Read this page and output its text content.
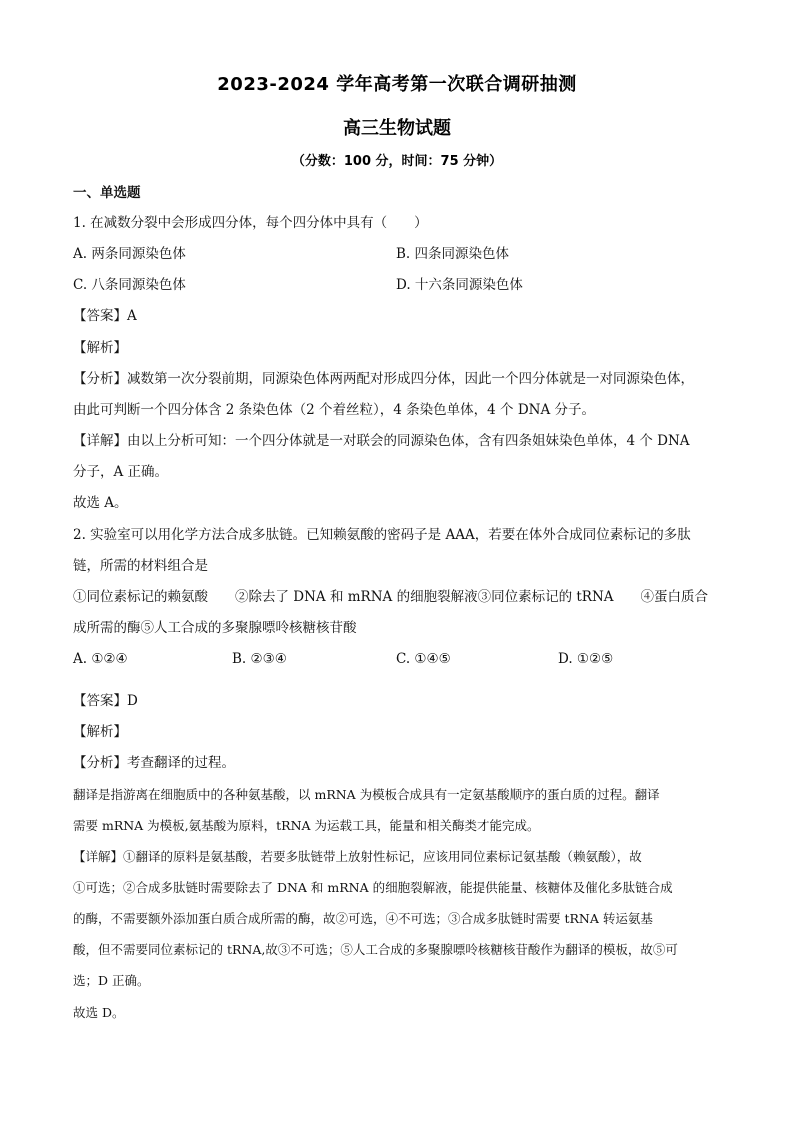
2023-2024 学年高考第一次联合调研抽测
高三生物试题
（分数：100 分，时间：75 分钟）
一、单选题
1. 在减数分裂中会形成四分体，每个四分体中具有（　　）
A. 两条同源染色体	B. 四条同源染色体
C. 八条同源染色体	D. 十六条同源染色体
【答案】A
【解析】
【分析】减数第一次分裂前期，同源染色体两两配对形成四分体，因此一个四分体就是一对同源染色体，
由此可判断一个四分体含 2 条染色体（2 个着丝粒），4 条染色单体，4 个 DNA 分子。
【详解】由以上分析可知：一个四分体就是一对联会的同源染色体，含有四条姐妹染色单体，4 个 DNA
分子，A 正确。
故选 A。
2. 实验室可以用化学方法合成多肽链。已知赖氨酸的密码子是 AAA，若要在体外合成同位素标记的多肽
链，所需的材料组合是
①同位素标记的赖氨酸　　②除去了 DNA 和 mRNA 的细胞裂解液③同位素标记的 tRNA　　④蛋白质合
成所需的酶⑤人工合成的多聚腺嘌呤核糖核苷酸
A. ①②④	B. ②③④	C. ①④⑤	D. ①②⑤
【答案】D
【解析】
【分析】考查翻译的过程。
翻译是指游离在细胞质中的各种氨基酸，以 mRNA 为模板合成具有一定氨基酸顺序的蛋白质的过程。翻译
需要 mRNA 为模板,氨基酸为原料，tRNA 为运载工具，能量和相关酶类才能完成。
【详解】①翻译的原料是氨基酸，若要多肽链带上放射性标记，应该用同位素标记氨基酸（赖氨酸），故
①可选；②合成多肽链时需要除去了 DNA 和 mRNA 的细胞裂解液，能提供能量、核糖体及催化多肽链合成
的酶，不需要额外添加蛋白质合成所需的酶，故②可选，④不可选；③合成多肽链时需要 tRNA 转运氨基
酸，但不需要同位素标记的 tRNA,故③不可选；⑤人工合成的多聚腺嘌呤核糖核苷酸作为翻译的模板，故⑤可
选；D 正确。
故选 D。
